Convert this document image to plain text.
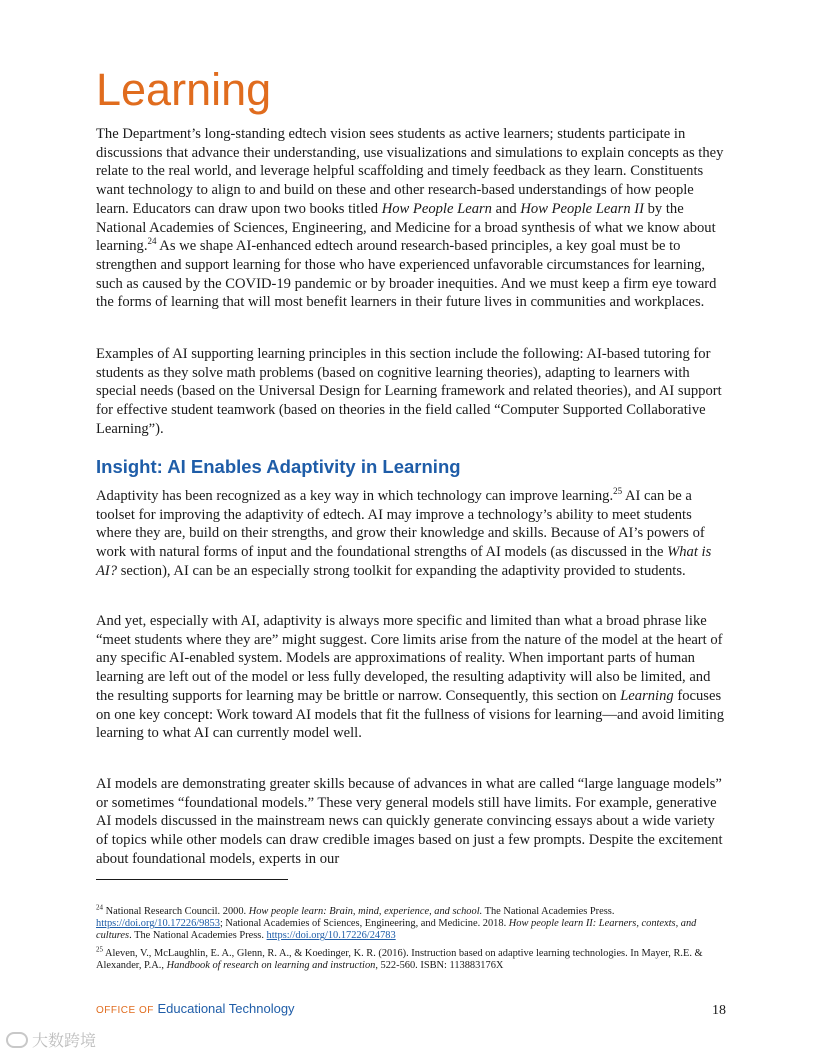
Learning

The Department’s long-standing edtech vision sees students as active learners; students participate in discussions that advance their understanding, use visualizations and simulations to explain concepts as they relate to the real world, and leverage helpful scaffolding and timely feedback as they learn. Constituents want technology to align to and build on these and other research-based understandings of how people learn. Educators can draw upon two books titled How People Learn and How People Learn II by the National Academies of Sciences, Engineering, and Medicine for a broad synthesis of what we know about learning.$^{24}$ As we shape AI-enhanced edtech around research-based principles, a key goal must be to strengthen and support learning for those who have experienced unfavorable circumstances for learning, such as caused by the COVID-19 pandemic or by broader inequities. And we must keep a firm eye toward the forms of learning that will most benefit learners in their future lives in communities and workplaces.

Examples of AI supporting learning principles in this section include the following: AI-based tutoring for students as they solve math problems (based on cognitive learning theories), adapting to learners with special needs (based on the Universal Design for Learning framework and related theories), and AI support for effective student teamwork (based on theories in the field called “Computer Supported Collaborative Learning”).

Insight: AI Enables Adaptivity in Learning

Adaptivity has been recognized as a key way in which technology can improve learning.$^{25}$ AI can be a toolset for improving the adaptivity of edtech. AI may improve a technology’s ability to meet students where they are, build on their strengths, and grow their knowledge and skills. Because of AI’s powers of work with natural forms of input and the foundational strengths of AI models (as discussed in the What is AI? section), AI can be an especially strong toolkit for expanding the adaptivity provided to students.

And yet, especially with AI, adaptivity is always more specific and limited than what a broad phrase like “meet students where they are” might suggest. Core limits arise from the nature of the model at the heart of any specific AI-enabled system. Models are approximations of reality. When important parts of human learning are left out of the model or less fully developed, the resulting adaptivity will also be limited, and the resulting supports for learning may be brittle or narrow. Consequently, this section on Learning focuses on one key concept: Work toward AI models that fit the fullness of visions for learning—and avoid limiting learning to what AI can currently model well.

AI models are demonstrating greater skills because of advances in what are called “large language models” or sometimes “foundational models.” These very general models still have limits. For example, generative AI models discussed in the mainstream news can quickly generate convincing essays about a wide variety of topics while other models can draw credible images based on just a few prompts. Despite the excitement about foundational models, experts in our

$^{24}$ National Research Council. 2000. How people learn: Brain, mind, experience, and school. The National Academies Press. https://doi.org/10.17226/9853; National Academies of Sciences, Engineering, and Medicine. 2018. How people learn II: Learners, contexts, and cultures. The National Academies Press. https://doi.org/10.17226/24783

$^{25}$ Aleven, V., McLaughlin, E. A., Glenn, R. A., & Koedinger, K. R. (2016). Instruction based on adaptive learning technologies. In Mayer, R.E. & Alexander, P.A., Handbook of research on learning and instruction, 522-560. ISBN: 113883176X

OFFICE OF Educational Technology	18
大数跨境
